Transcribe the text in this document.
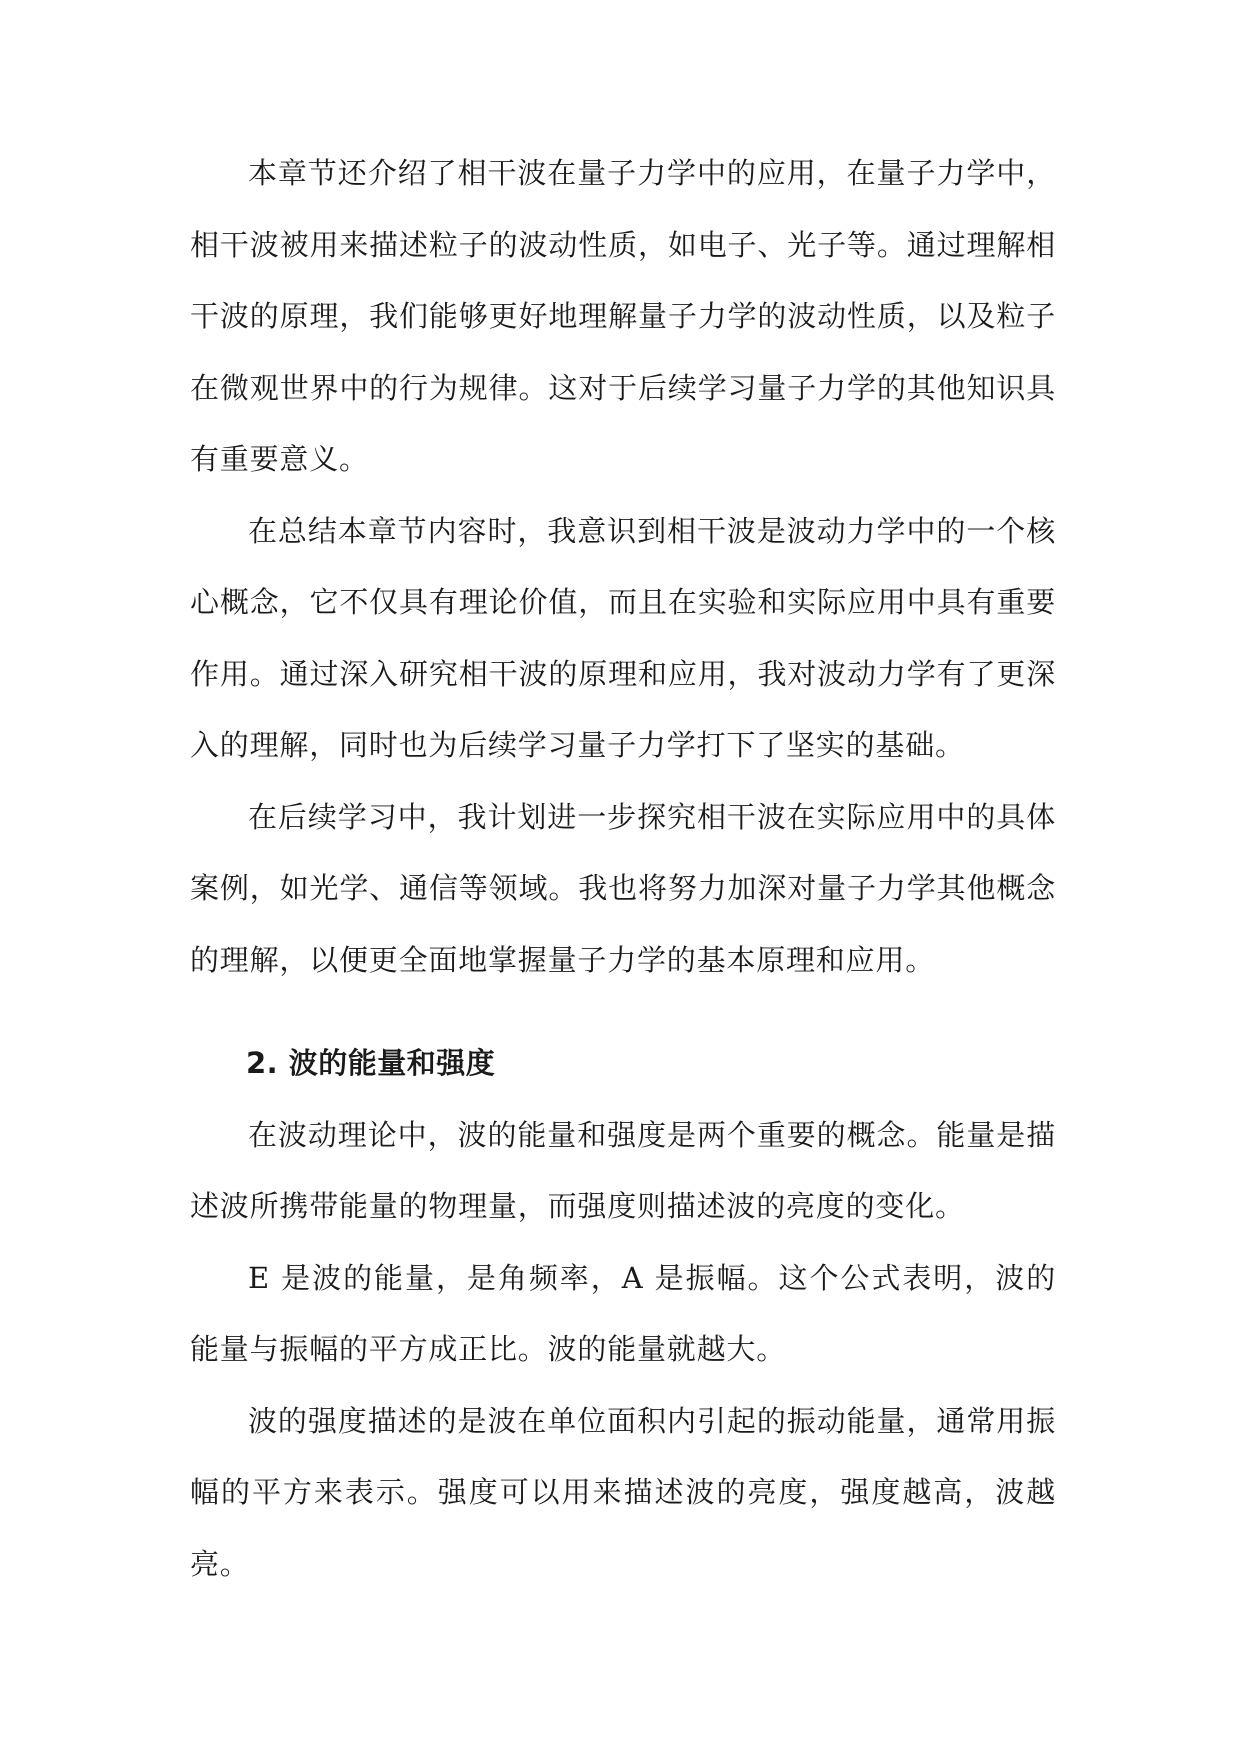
本章节还介绍了相干波在量子力学中的应用，在量子力学中，相干波被用来描述粒子的波动性质，如电子、光子等。通过理解相干波的原理，我们能够更好地理解量子力学的波动性质，以及粒子在微观世界中的行为规律。这对于后续学习量子力学的其他知识具有重要意义。

在总结本章节内容时，我意识到相干波是波动力学中的一个核心概念，它不仅具有理论价值，而且在实验和实际应用中具有重要作用。通过深入研究相干波的原理和应用，我对波动力学有了更深入的理解，同时也为后续学习量子力学打下了坚实的基础。

在后续学习中，我计划进一步探究相干波在实际应用中的具体案例，如光学、通信等领域。我也将努力加深对量子力学其他概念的理解，以便更全面地掌握量子力学的基本原理和应用。

2. 波的能量和强度

在波动理论中，波的能量和强度是两个重要的概念。能量是描述波所携带能量的物理量，而强度则描述波的亮度的变化。

E 是波的能量，是角频率，A 是振幅。这个公式表明，波的能量与振幅的平方成正比。波的能量就越大。

波的强度描述的是波在单位面积内引起的振动能量，通常用振幅的平方来表示。强度可以用来描述波的亮度，强度越高，波越亮。
